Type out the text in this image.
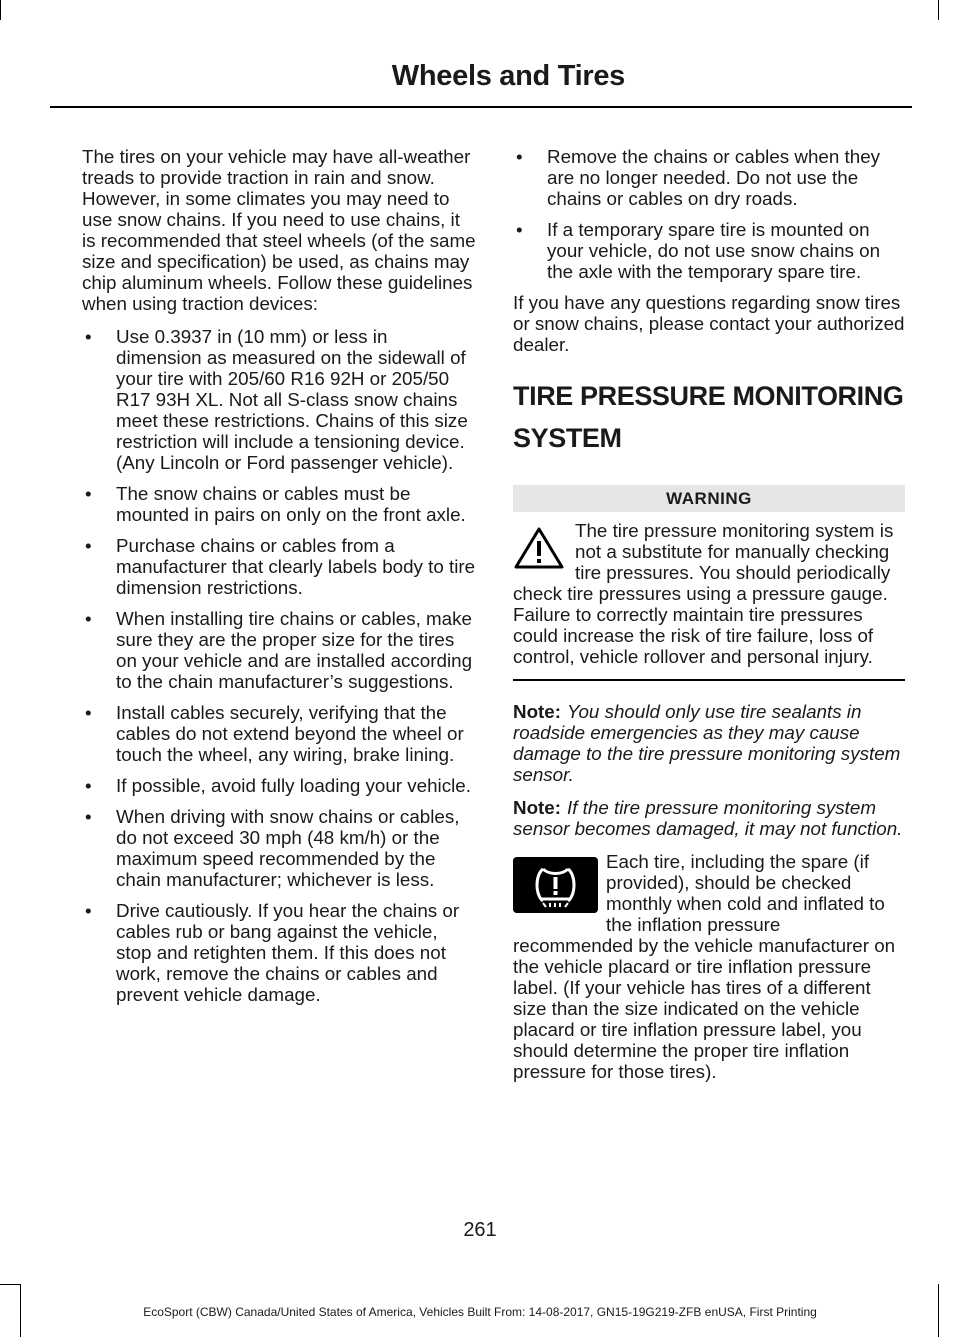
Wheels and Tires

The tires on your vehicle may have all-weather treads to provide traction in rain and snow. However, in some climates you may need to use snow chains. If you need to use chains, it is recommended that steel wheels (of the same size and specification) be used, as chains may chip aluminum wheels. Follow these guidelines when using traction devices:

• Use 0.3937 in (10 mm) or less in dimension as measured on the sidewall of your tire with 205/60 R16 92H or 205/50 R17 93H XL. Not all S-class snow chains meet these restrictions. Chains of this size restriction will include a tensioning device. (Any Lincoln or Ford passenger vehicle).
• The snow chains or cables must be mounted in pairs on only on the front axle.
• Purchase chains or cables from a manufacturer that clearly labels body to tire dimension restrictions.
• When installing tire chains or cables, make sure they are the proper size for the tires on your vehicle and are installed according to the chain manufacturer’s suggestions.
• Install cables securely, verifying that the cables do not extend beyond the wheel or touch the wheel, any wiring, brake lining.
• If possible, avoid fully loading your vehicle.
• When driving with snow chains or cables, do not exceed 30 mph (48 km/h) or the maximum speed recommended by the chain manufacturer; whichever is less.
• Drive cautiously. If you hear the chains or cables rub or bang against the vehicle, stop and retighten them. If this does not work, remove the chains or cables and prevent vehicle damage.
• Remove the chains or cables when they are no longer needed. Do not use the chains or cables on dry roads.
• If a temporary spare tire is mounted on your vehicle, do not use snow chains on the axle with the temporary spare tire.

If you have any questions regarding snow tires or snow chains, please contact your authorized dealer.

TIRE PRESSURE MONITORING SYSTEM
WARNING
The tire pressure monitoring system is not a substitute for manually checking tire pressures. You should periodically check tire pressures using a pressure gauge. Failure to correctly maintain tire pressures could increase the risk of tire failure, loss of control, vehicle rollover and personal injury.

Note: You should only use tire sealants in roadside emergencies as they may cause damage to the tire pressure monitoring system sensor.

Note: If the tire pressure monitoring system sensor becomes damaged, it may not function.

Each tire, including the spare (if provided), should be checked monthly when cold and inflated to the inflation pressure recommended by the vehicle manufacturer on the vehicle placard or tire inflation pressure label. (If your vehicle has tires of a different size than the size indicated on the vehicle placard or tire inflation pressure label, you should determine the proper tire inflation pressure for those tires).
261
EcoSport (CBW) Canada/United States of America, Vehicles Built From: 14-08-2017, GN15-19G219-ZFB enUSA, First Printing
